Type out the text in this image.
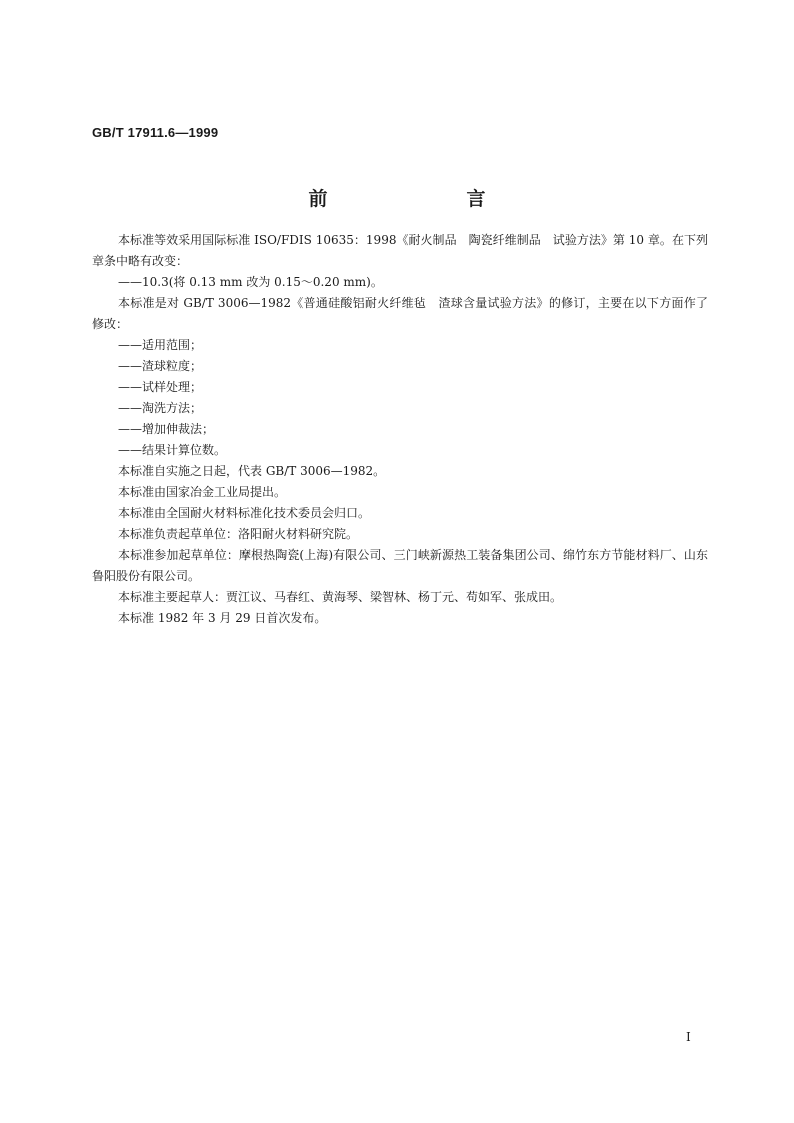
GB/T 17911.6—1999
前　言

本标准等效采用国际标准 ISO/FDIS 10635：1998《耐火制品　陶瓷纤维制品　试验方法》第 10 章。在下列章条中略有改变：

——10.3(将 0.13 mm 改为 0.15～0.20 mm)。

本标准是对 GB/T 3006—1982《普通硅酸铝耐火纤维毡　渣球含量试验方法》的修订，主要在以下方面作了修改：

——适用范围；

——渣球粒度；

——试样处理；

——淘洗方法；

——增加伸裁法；

——结果计算位数。

本标准自实施之日起，代表 GB/T 3006—1982。

本标准由国家冶金工业局提出。

本标准由全国耐火材料标准化技术委员会归口。

本标准负责起草单位：洛阳耐火材料研究院。

本标准参加起草单位：摩根热陶瓷(上海)有限公司、三门峡新源热工装备集团公司、绵竹东方节能材料厂、山东鲁阳股份有限公司。

本标准主要起草人：贾江议、马春红、黄海琴、梁智林、杨丁元、苟如军、张成田。

本标准 1982 年 3 月 29 日首次发布。

I
